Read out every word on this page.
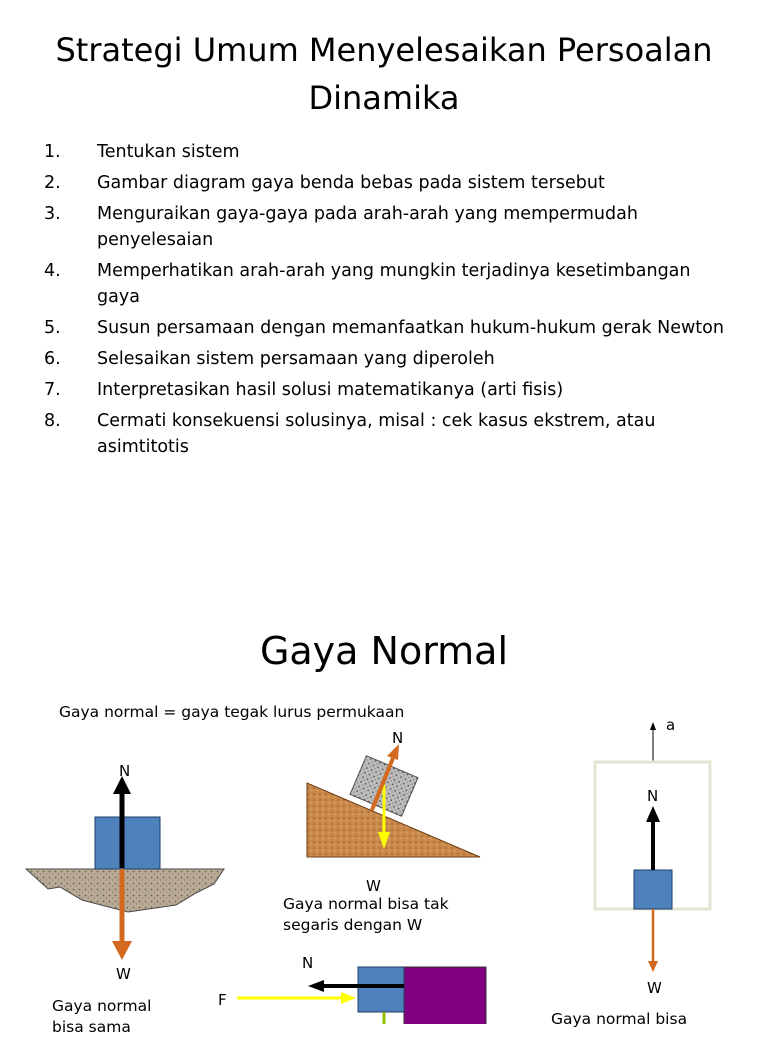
Strategi Umum Menyelesaikan Persoalan Dinamika
1.	Tentukan sistem
2.	Gambar diagram gaya benda bebas pada sistem tersebut
3.	Menguraikan gaya-gaya pada arah-arah yang mempermudah penyelesaian
4.	Memperhatikan arah-arah yang mungkin terjadinya kesetimbangan gaya
5.	Susun persamaan dengan memanfaatkan hukum-hukum gerak Newton
6.	Selesaikan sistem persamaan yang diperoleh
7.	Interpretasikan hasil solusi matematikanya (arti fisis)
8.	Cermati konsekuensi solusinya, misal : cek kasus ekstrem, atau asimtitotis
Gaya Normal
Gaya normal = gaya tegak lurus permukaan
N
W
N
W
a
N
W
N
F
Gaya normal bisa tak segaris dengan W
Gaya normal bisa sama	Gaya normal bisa
